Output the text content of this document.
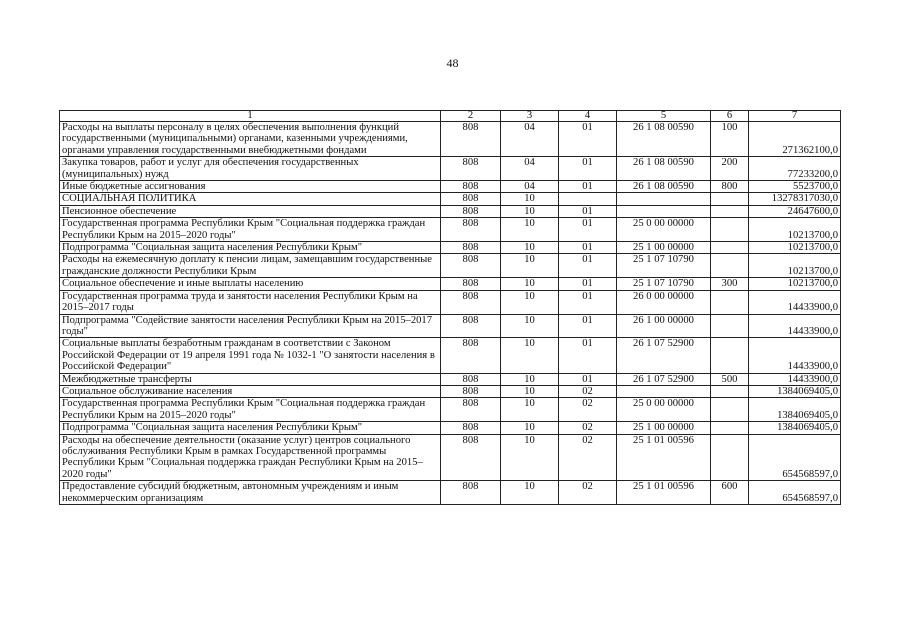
48
1	2	3	4	5	6	7
Расходы на выплаты персоналу в целях обеспечения выполнения функций государственными (муниципальными) органами, казенными учреждениями, органами управления государственными внебюджетными фондами	808	04	01	26 1 08 00590	100	271362100,0
Закупка товаров, работ и услуг для обеспечения государственных (муниципальных) нужд	808	04	01	26 1 08 00590	200	77233200,0
Иные бюджетные ассигнования	808	04	01	26 1 08 00590	800	5523700,0
СОЦИАЛЬНАЯ ПОЛИТИКА	808	10				13278317030,0
Пенсионное обеспечение	808	10	01			24647600,0
Государственная программа Республики Крым "Социальная поддержка граждан Республики Крым на 2015–2020 годы"	808	10	01	25 0 00 00000		10213700,0
Подпрограмма "Социальная защита населения Республики Крым"	808	10	01	25 1 00 00000		10213700,0
Расходы на ежемесячную доплату к пенсии лицам, замещавшим государственные гражданские должности Республики Крым	808	10	01	25 1 07 10790		10213700,0
Социальное обеспечение и иные выплаты населению	808	10	01	25 1 07 10790	300	10213700,0
Государственная программа труда и занятости населения Республики Крым на 2015–2017 годы	808	10	01	26 0 00 00000		14433900,0
Подпрограмма "Содействие занятости населения Республики Крым на 2015–2017 годы"	808	10	01	26 1 00 00000		14433900,0
Социальные выплаты безработным гражданам в соответствии с Законом Российской Федерации от 19 апреля 1991 года № 1032-1 "О занятости населения в Российской Федерации"	808	10	01	26 1 07 52900		14433900,0
Межбюджетные трансферты	808	10	01	26 1 07 52900	500	14433900,0
Социальное обслуживание населения	808	10	02			1384069405,0
Государственная программа Республики Крым "Социальная поддержка граждан Республики Крым на 2015–2020 годы"	808	10	02	25 0 00 00000		1384069405,0
Подпрограмма "Социальная защита населения Республики Крым"	808	10	02	25 1 00 00000		1384069405,0
Расходы на обеспечение деятельности (оказание услуг) центров социального обслуживания Республики Крым в рамках Государственной программы Республики Крым "Социальная поддержка граждан Республики Крым на 2015–2020 годы"	808	10	02	25 1 01 00596		654568597,0
Предоставление субсидий бюджетным, автономным учреждениям и иным некоммерческим организациям	808	10	02	25 1 01 00596	600	654568597,0
